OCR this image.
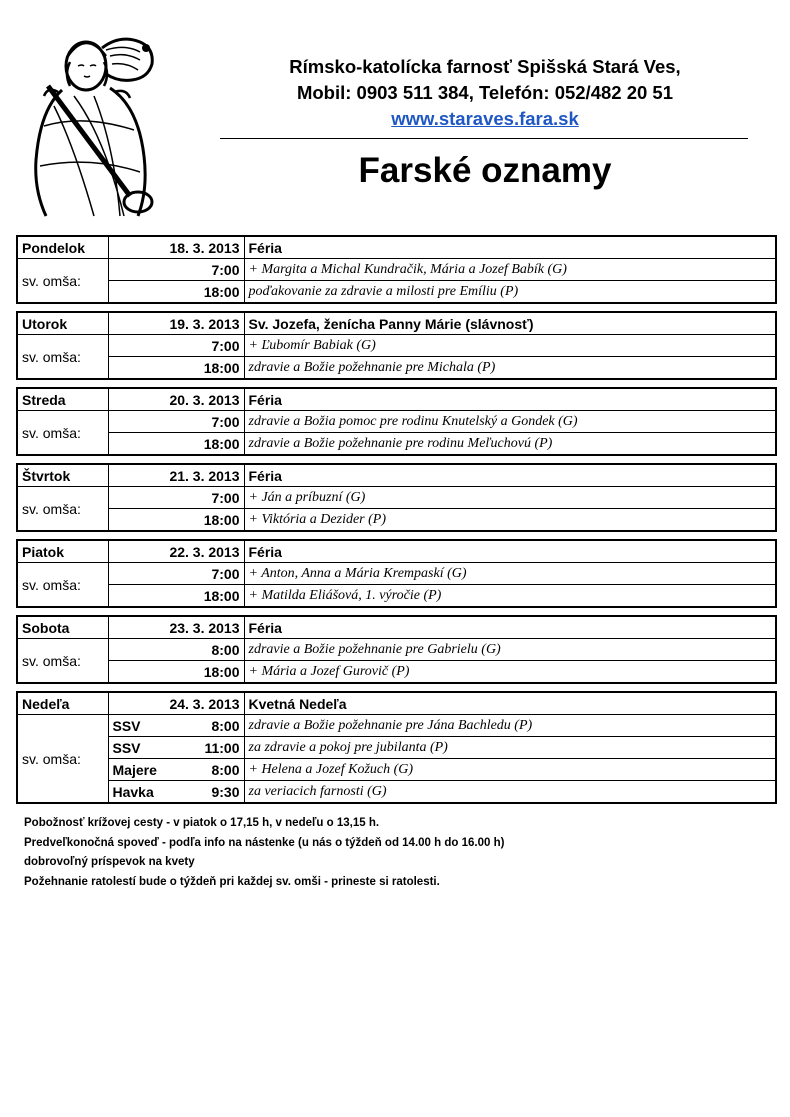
Rímsko-katolícka farnosť Spišská Stará Ves,
Mobil: 0903 511 384, Telefón: 052/482 20 51
www.staraves.fara.sk
Farské oznamy
Pondelok	18. 3. 2013	Féria
sv. omša:	7:00	+ Margita a Michal Kundračik, Mária a Jozef Babík (G)
	18:00	poďakovanie za zdravie a milosti pre Emíliu (P)
Utorok	19. 3. 2013	Sv. Jozefa, ženícha Panny Márie (slávnosť)
sv. omša:	7:00	+ Ľubomír Babiak (G)
	18:00	zdravie a Božie požehnanie pre Michala (P)
Streda	20. 3. 2013	Féria
sv. omša:	7:00	zdravie a Božia pomoc pre rodinu Knutelský a Gondek (G)
	18:00	zdravie a Božie požehnanie pre rodinu Meľuchovú (P)
Štvrtok	21. 3. 2013	Féria
sv. omša:	7:00	+ Ján a príbuzní (G)
	18:00	+ Viktória a Dezider (P)
Piatok	22. 3. 2013	Féria
sv. omša:	7:00	+ Anton, Anna a Mária Krempaskí (G)
	18:00	+ Matilda Eliášová, 1. výročie (P)
Sobota	23. 3. 2013	Féria
sv. omša:	8:00	zdravie a Božie požehnanie pre Gabrielu (G)
	18:00	+ Mária a Jozef Gurovič (P)
Nedeľa	24. 3. 2013		Kvetná Nedeľa
sv. omša:	SSV	8:00	zdravie a Božie požehnanie pre Jána Bachledu (P)
	SSV	11:00	za zdravie a pokoj pre jubilanta (P)
	Majere	8:00	+ Helena a Jozef Kožuch (G)
	Havka	9:30	za veriacich farnosti (G)
Pobožnosť krížovej cesty - v piatok o 17,15 h, v nedeľu o 13,15 h.
Predveľkonočná spoveď - podľa info na nástenke (u nás o týždeň od 14.00 h do 16.00 h)
dobrovoľný príspevok na kvety
Požehnanie ratolestí bude o týždeň pri každej sv. omši - prineste si ratolesti.
